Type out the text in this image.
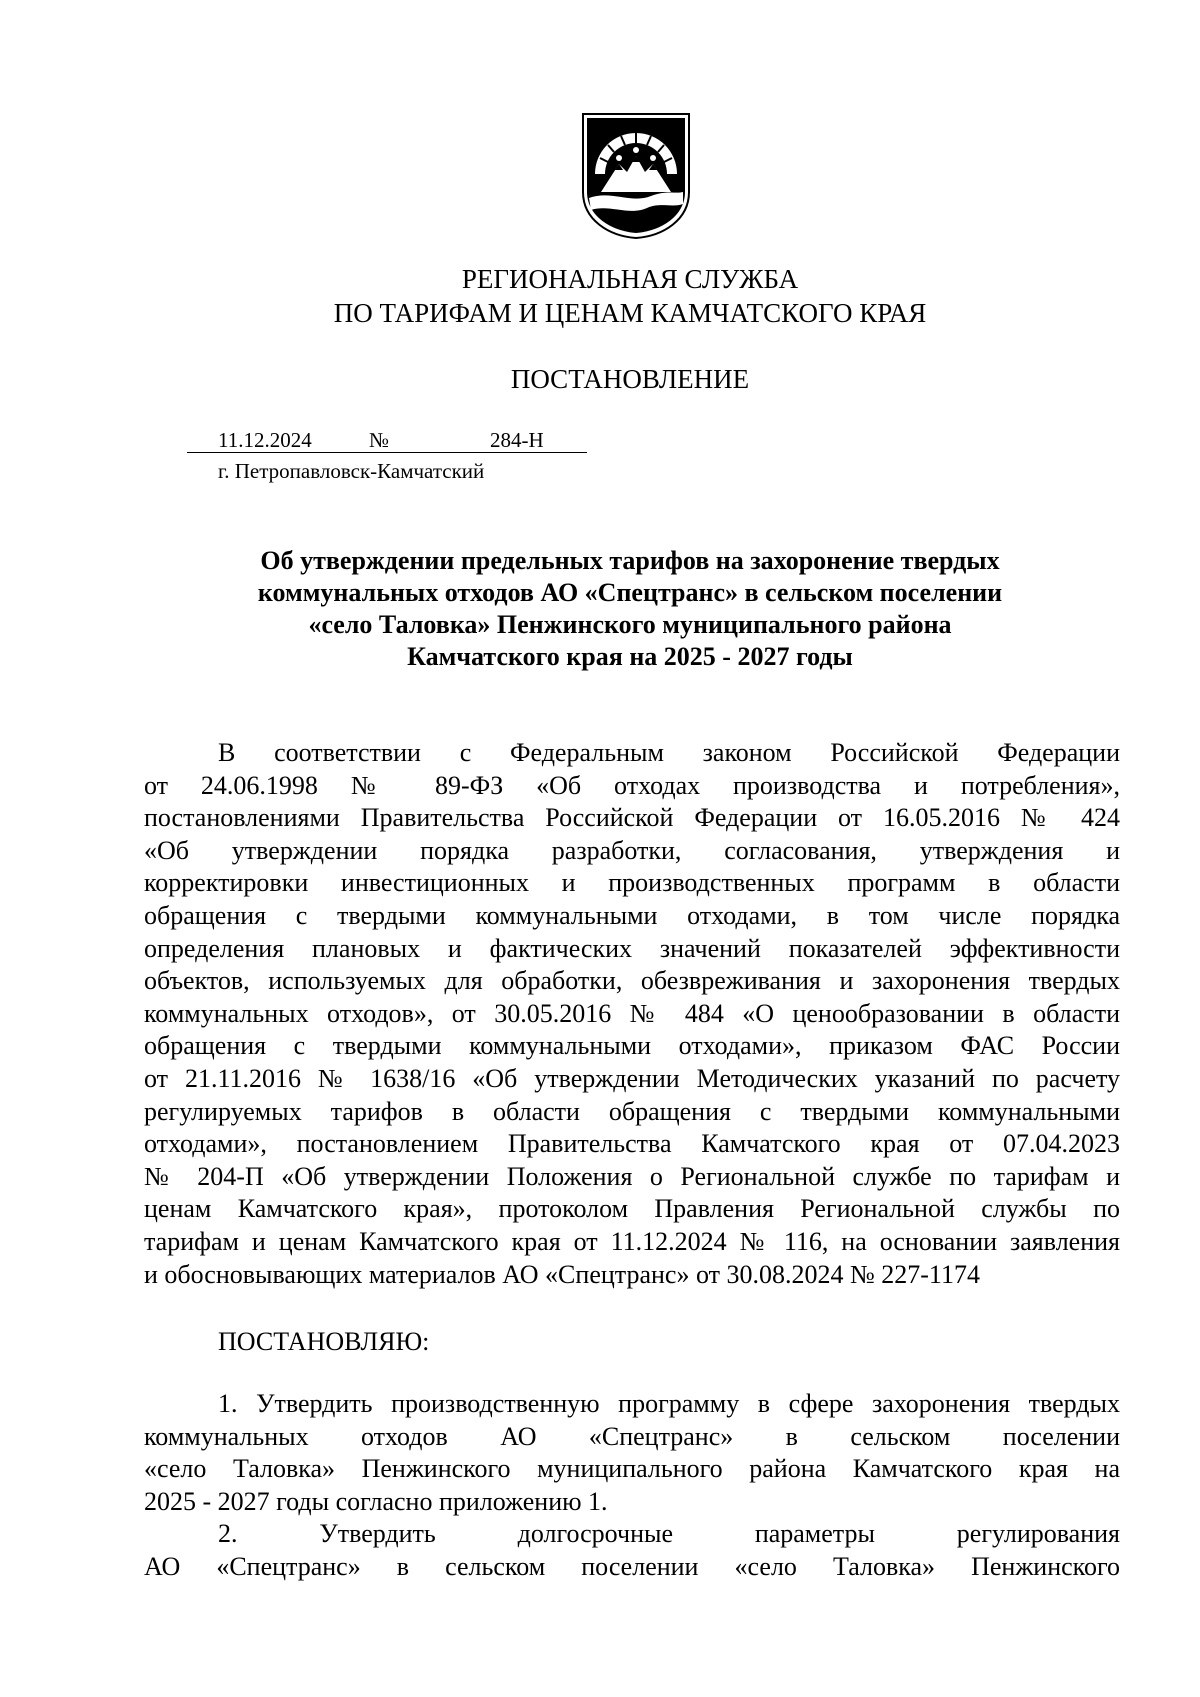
РЕГИОНАЛЬНАЯ СЛУЖБА
ПО ТАРИФАМ И ЦЕНАМ КАМЧАТСКОГО КРАЯ
ПОСТАНОВЛЕНИЕ
11.12.2024	№	284-Н
г. Петропавловск-Камчатский
Об утверждении предельных тарифов на захоронение твердых
коммунальных отходов АО «Спецтранс» в сельском поселении
«село Таловка» Пенжинского муниципального района
Камчатского края на 2025 - 2027 годы
В соответствии с Федеральным законом Российской Федерации
от 24.06.1998 № 89-ФЗ «Об отходах производства и потребления»,
постановлениями Правительства Российской Федерации от 16.05.2016 № 424
«Об утверждении порядка разработки, согласования, утверждения и
корректировки инвестиционных и производственных программ в области
обращения с твердыми коммунальными отходами, в том числе порядка
определения плановых и фактических значений показателей эффективности
объектов, используемых для обработки, обезвреживания и захоронения твердых
коммунальных отходов», от 30.05.2016 № 484 «О ценообразовании в области
обращения с твердыми коммунальными отходами», приказом ФАС России
от 21.11.2016 № 1638/16 «Об утверждении Методических указаний по расчету
регулируемых тарифов в области обращения с твердыми коммунальными
отходами», постановлением Правительства Камчатского края от 07.04.2023
№ 204-П «Об утверждении Положения о Региональной службе по тарифам и
ценам Камчатского края», протоколом Правления Региональной службы по
тарифам и ценам Камчатского края от 11.12.2024 № 116, на основании заявления
и обосновывающих материалов АО «Спецтранс» от 30.08.2024 № 227-1174
ПОСТАНОВЛЯЮ:
1. Утвердить производственную программу в сфере захоронения твердых
коммунальных отходов АО «Спецтранс» в сельском поселении
«село Таловка» Пенжинского муниципального района Камчатского края на
2025 - 2027 годы согласно приложению 1.
2. Утвердить долгосрочные параметры регулирования
АО «Спецтранс» в сельском поселении «село Таловка» Пенжинского
